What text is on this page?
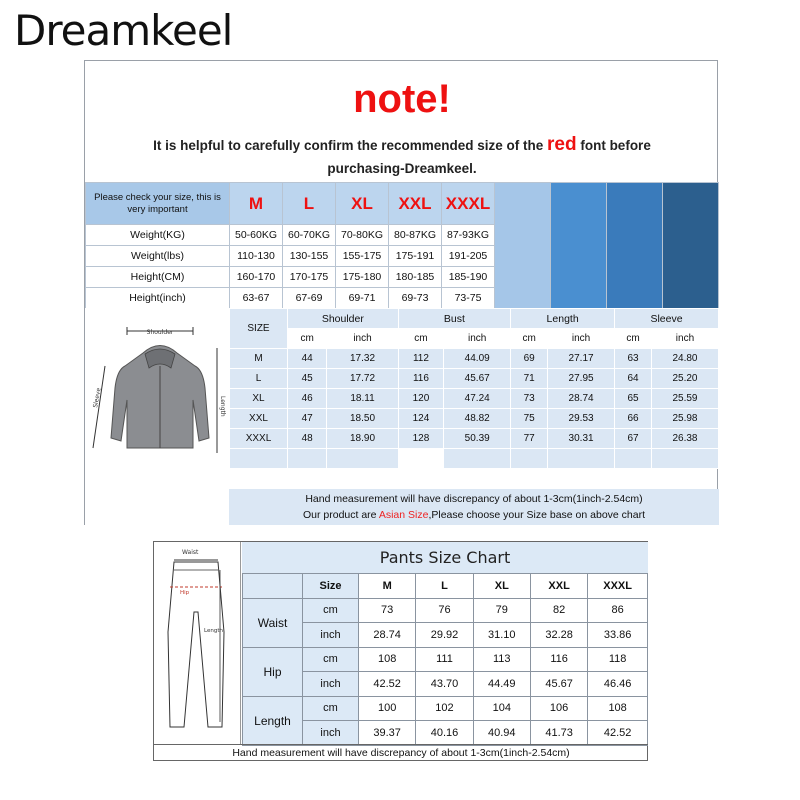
Dreamkeel
note!
It is helpful to carefully confirm the recommended size of the red font before
purchasing-Dreamkeel.
Please check your size, this is very important	M	L	XL	XXL	XXXL				
Weight(KG)	50-60KG	60-70KG	70-80KG	80-87KG	87-93KG				
Weight(lbs)	110-130	130-155	155-175	175-191	191-205				
Height(CM)	160-170	170-175	175-180	180-185	185-190				
Height(inch)	63-67	67-69	69-71	69-73	73-75				
Shoulder
Sleeve	Length
SIZE	Shoulder		Bust		Length		Sleeve	
	cm	inch	cm	inch	cm	inch	cm	inch
M	44	17.32	112	44.09	69	27.17	63	24.80
L	45	17.72	116	45.67	71	27.95	64	25.20
XL	46	18.11	120	47.24	73	28.74	65	25.59
XXL	47	18.50	124	48.82	75	29.53	66	25.98
XXXL	48	18.90	128	50.39	77	30.31	67	26.38

Hand measurement will have discrepancy of about 1-3cm(1inch-2.54cm)
Our product are Asian Size,Please choose your Size base on above chart
Waist
Hip
Length
Pants Size Chart
	Size	M	L	XL	XXL	XXXL
Waist	cm	73	76	79	82	86
	inch	28.74	29.92	31.10	32.28	33.86
Hip	cm	108	111	113	116	118
	inch	42.52	43.70	44.49	45.67	46.46
Length	cm	100	102	104	106	108
	inch	39.37	40.16	40.94	41.73	42.52
Hand measurement will have discrepancy of about 1-3cm(1inch-2.54cm)
